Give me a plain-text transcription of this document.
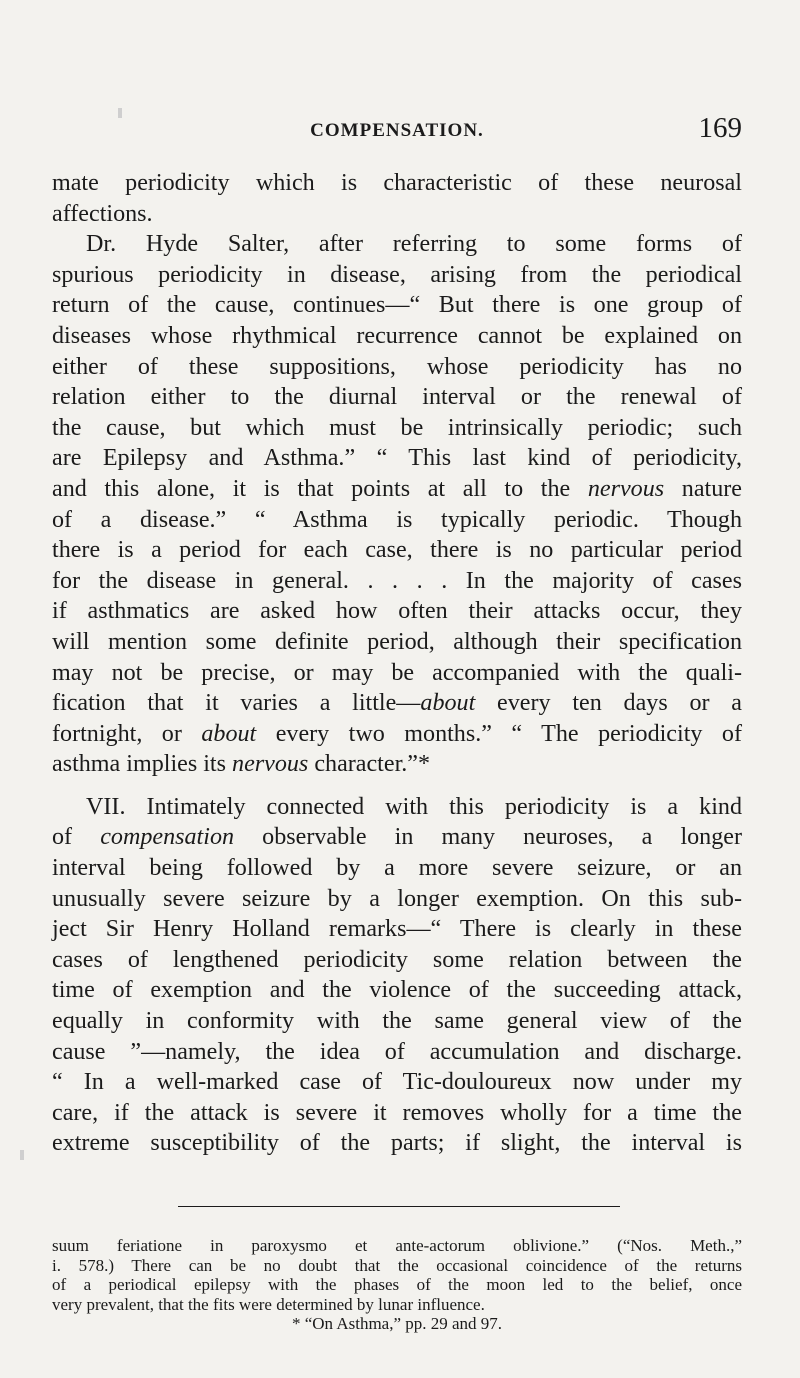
COMPENSATION.	169
mate periodicity which is characteristic of these neurosal
affections.
Dr. Hyde Salter, after referring to some forms of
spurious periodicity in disease, arising from the periodical
return of the cause, continues—“ But there is one group of
diseases whose rhythmical recurrence cannot be explained on
either of these suppositions, whose periodicity has no
relation either to the diurnal interval or the renewal of
the cause, but which must be intrinsically periodic; such
are Epilepsy and Asthma.” “ This last kind of periodicity,
and this alone, it is that points at all to the nervous nature
of a disease.” “ Asthma is typically periodic. Though
there is a period for each case, there is no particular period
for the disease in general. . . . . In the majority of cases
if asthmatics are asked how often their attacks occur, they
will mention some definite period, although their specification
may not be precise, or may be accompanied with the quali-
fication that it varies a little—about every ten days or a
fortnight, or about every two months.” “ The periodicity of
asthma implies its nervous character.”*
VII. Intimately connected with this periodicity is a kind
of compensation observable in many neuroses, a longer
interval being followed by a more severe seizure, or an
unusually severe seizure by a longer exemption. On this sub-
ject Sir Henry Holland remarks—“ There is clearly in these
cases of lengthened periodicity some relation between the
time of exemption and the violence of the succeeding attack,
equally in conformity with the same general view of the
cause ”—namely, the idea of accumulation and discharge.
“ In a well-marked case of Tic-douloureux now under my
care, if the attack is severe it removes wholly for a time the
extreme susceptibility of the parts; if slight, the interval is
suum feriatione in paroxysmo et ante-actorum oblivione.” (“Nos. Meth.,”
i. 578.) There can be no doubt that the occasional coincidence of the returns
of a periodical epilepsy with the phases of the moon led to the belief, once
very prevalent, that the fits were determined by lunar influence.
* “On Asthma,” pp. 29 and 97.
